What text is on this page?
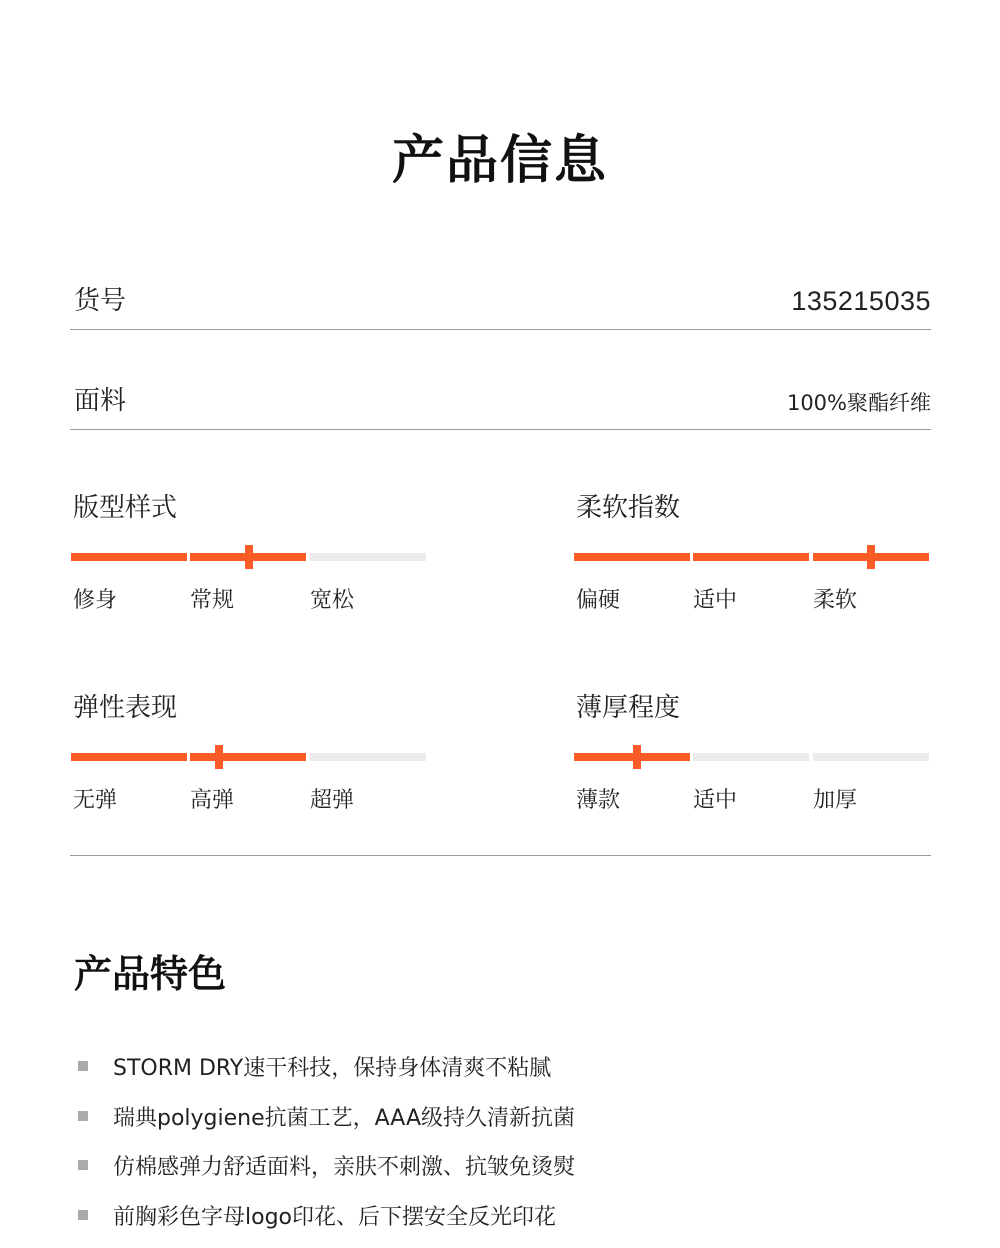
产品信息
货号	135215035
面料	100%聚酯纤维
版型样式
修身	常规	宽松
柔软指数
偏硬	适中	柔软
弹性表现
无弹	高弹	超弹
薄厚程度
薄款	适中	加厚
产品特色
STORM DRY速干科技，保持身体清爽不粘腻
瑞典polygiene抗菌工艺，AAA级持久清新抗菌
仿棉感弹力舒适面料，亲肤不刺激、抗皱免烫熨
前胸彩色字母logo印花、后下摆安全反光印花
